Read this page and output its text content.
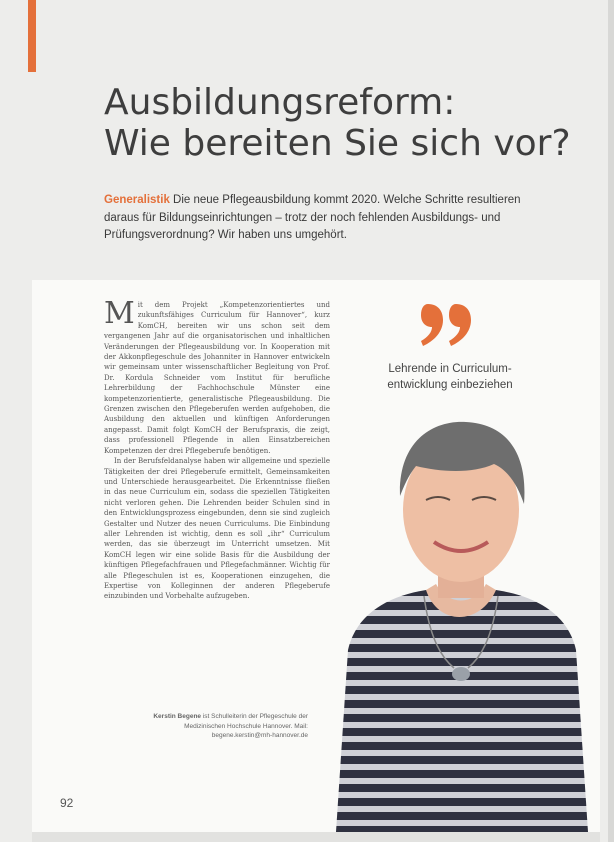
Ausbildungsreform:
Wie bereiten Sie sich vor?

Generalistik Die neue Pflegeausbildung kommt 2020. Welche Schritte resultieren daraus für Bildungseinrichtungen – trotz der noch fehlenden Ausbildungs- und Prüfungsverordnung? Wir haben uns umgehört.

Mit dem Projekt „Kompetenzorientiertes und zukunftsfähiges Curriculum für Hannover“, kurz KomCH, bereiten wir uns schon seit dem vergangenen Jahr auf die organisatorischen und inhaltlichen Veränderungen der Pflegeausbildung vor. In Kooperation mit der Akkonpflegeschule des Johanniter in Hannover entwickeln wir gemeinsam unter wissenschaftlicher Begleitung von Prof. Dr. Kordula Schneider vom Institut für berufliche Lehrerbildung der Fachhochschule Münster eine kompetenzorientierte, generalistische Pflegeausbildung. Die Grenzen zwischen den Pflegeberufen werden aufgehoben, die Ausbildung den aktuellen und künftigen Anforderungen angepasst. Damit folgt KomCH der Berufspraxis, die zeigt, dass professionell Pflegende in allen Einsatzbereichen Kompetenzen der drei Pflegeberufe benötigen.

In der Berufsfeldanalyse haben wir allgemeine und spezielle Tätigkeiten der drei Pflegeberufe ermittelt, Gemeinsamkeiten und Unterschiede herausgearbeitet. Die Erkenntnisse fließen in das neue Curriculum ein, sodass die speziellen Tätigkeiten nicht verloren gehen. Die Lehrenden beider Schulen sind in den Entwicklungsprozess eingebunden, denn sie sind zugleich Gestalter und Nutzer des neuen Curriculums. Die Einbindung aller Lehrenden ist wichtig, denn es soll „ihr“ Curriculum werden, das sie überzeugt im Unterricht umsetzen. Mit KomCH legen wir eine solide Basis für die Ausbildung der künftigen Pflegefachfrauen und Pflegefachmänner. Wichtig für alle Pflegeschulen ist es, Kooperationen einzugehen, die Expertise von Kolleginnen der anderen Pflegeberufe einzubinden und Vorbehalte aufzugeben.

Kerstin Begene ist Schulleiterin der Pflegeschule der Medizinischen Hochschule Hannover. Mail: begene.kerstin@mh-hannover.de
Lehrende in Curriculum-entwicklung einbeziehen
92
